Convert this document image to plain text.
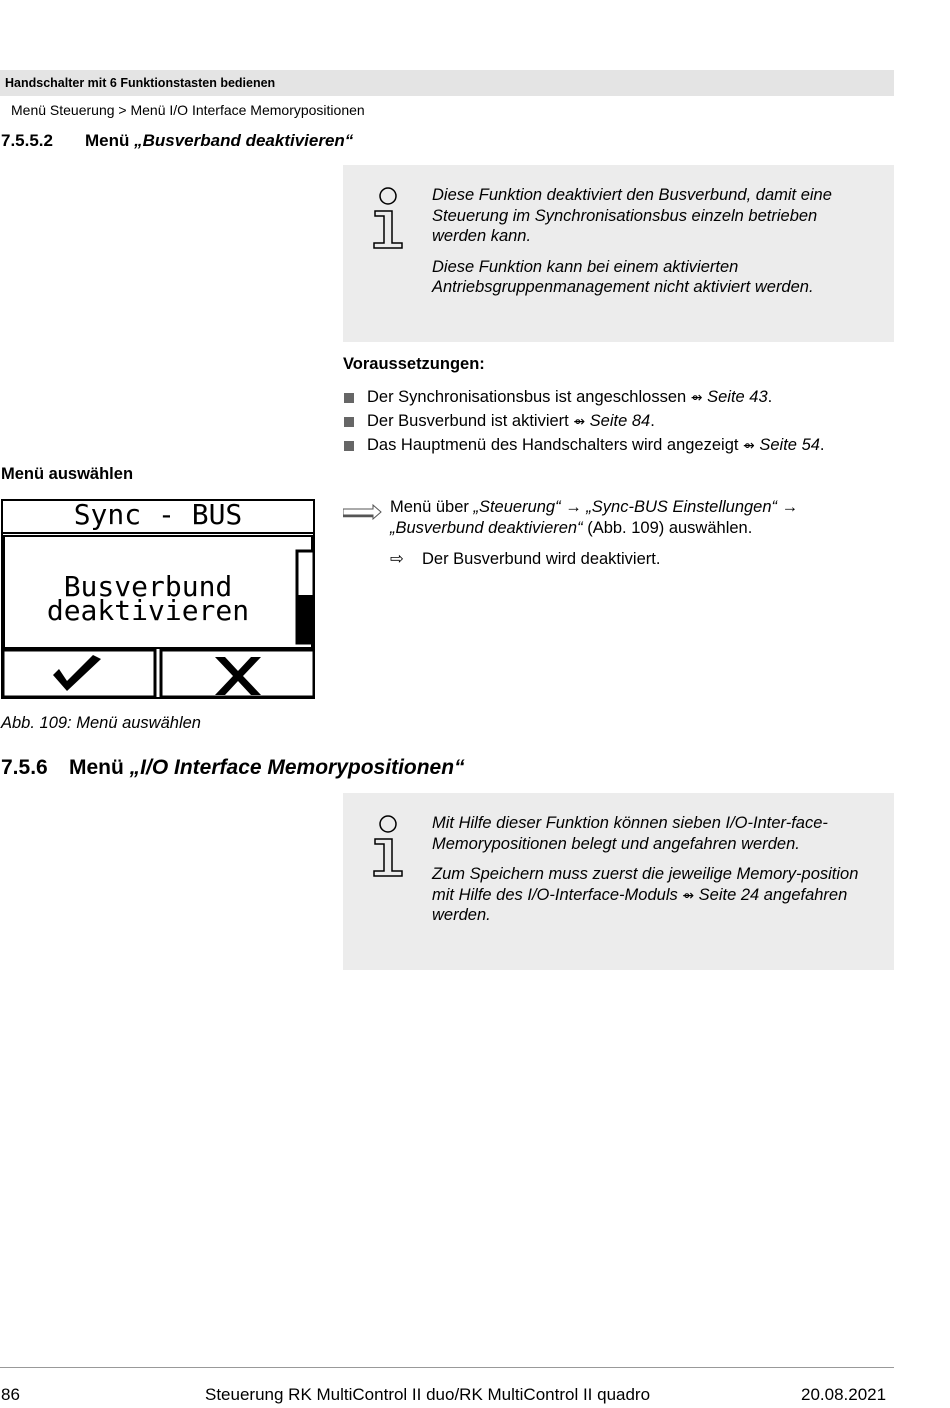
Handschalter mit 6 Funktionstasten bedienen
Menü Steuerung > Menü I/O Interface Memorypositionen
7.5.5.2 Menü „Busverband deaktivieren“

Diese Funktion deaktiviert den Busverbund, damit eine Steuerung im Synchronisationsbus einzeln betrieben werden kann.

Diese Funktion kann bei einem aktivierten Antriebsgruppenmanagement nicht aktiviert werden.

Voraussetzungen:
Der Synchronisationsbus ist angeschlossen ⇴ Seite 43.
Der Busverbund ist aktiviert ⇴ Seite 84.
Das Hauptmenü des Handschalters wird angezeigt ⇴ Seite 54.
Menü auswählen
Menü über „Steuerung“ → „Sync-BUS Einstellungen“ →
„Busverbund deaktivieren“ (Abb. 109) auswählen.
⇨ Der Busverbund wird deaktiviert.
Sync - BUS
Busverbund
deaktivieren
Abb. 109: Menü auswählen
7.5.6 Menü „I/O Interface Memorypositionen“

Mit Hilfe dieser Funktion können sieben I/O-Inter-face-Memorypositionen belegt und angefahren werden.

Zum Speichern muss zuerst die jeweilige Memory-position mit Hilfe des I/O-Interface-Moduls ⇴ Seite 24 angefahren werden.

86	Steuerung RK MultiControl II duo/RK MultiControl II quadro	20.08.2021
